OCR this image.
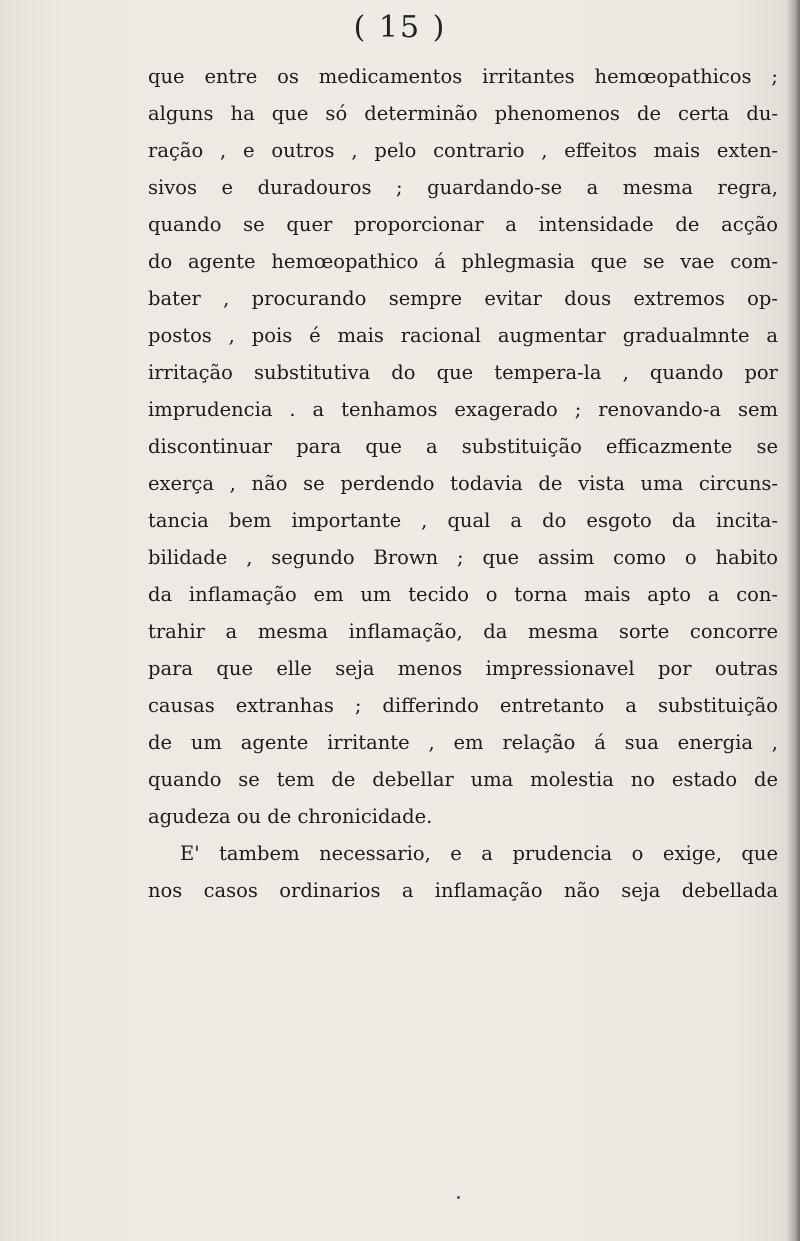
( 15 )
que entre os medicamentos irritantes hemœopathicos ;
alguns ha que só determinão phenomenos de certa du-
ração , e outros , pelo contrario , effeitos mais exten-
sivos e duradouros ; guardando-se a mesma regra,
quando se quer proporcionar a intensidade de acção
do agente hemœopathico á phlegmasia que se vae com-
bater , procurando sempre evitar dous extremos op-
postos , pois é mais racional augmentar gradualmnte a
irritação substitutiva do que tempera-la , quando por
imprudencia . a tenhamos exagerado ; renovando-a sem
discontinuar para que a substituição efficazmente se
exerça , não se perdendo todavia de vista uma circuns-
tancia bem importante , qual a do esgoto da incita-
bilidade , segundo Brown ; que assim como o habito
da inflamação em um tecido o torna mais apto a con-
trahir a mesma inflamação, da mesma sorte concorre
para que elle seja menos impressionavel por outras
causas extranhas ; differindo entretanto a substituição
de um agente irritante , em relação á sua energia ,
quando se tem de debellar uma molestia no estado de
agudeza ou de chronicidade.
E' tambem necessario, e a prudencia o exige, que
nos casos ordinarios a inflamação não seja debellada
